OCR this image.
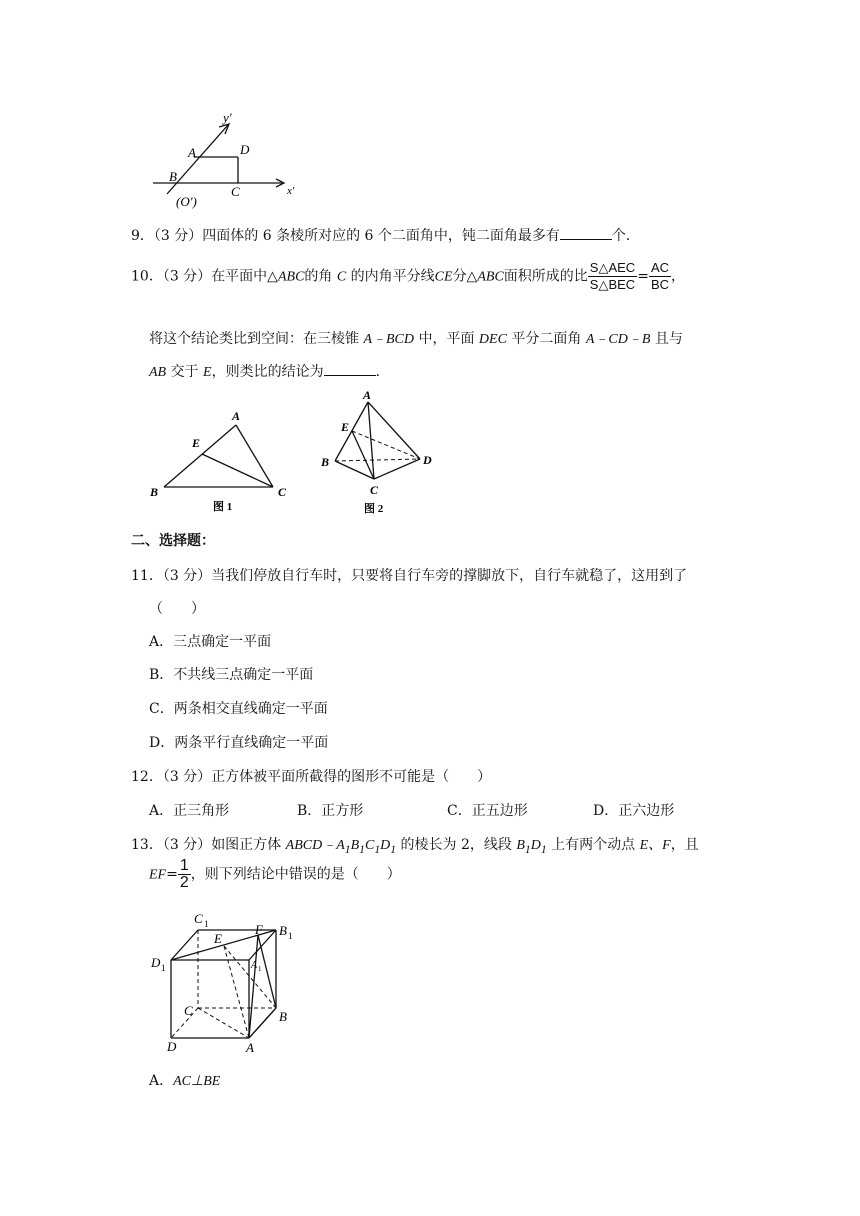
y'
A	D
B
C
(O')
x'
9．（3 分）四面体的 6 条棱所对应的 6 个二面角中，钝二面角最多有	个．
10．（3 分）在平面中△ABC的角 C 的内角平分线CE分△ABC面积所成的比 $\frac{\text{S△AEC}}{\text{S△BEC}} = \frac{AC}{BC}$ ，
将这个结论类比到空间：在三棱锥 A﹣BCD 中，平面 DEC 平分二面角 A﹣CD﹣B 且与
AB 交于 E，则类比的结论为	．
A
E
B	C
图 1
A
E
B	D
C
图 2
二、选择题：
11．（3 分）当我们停放自行车时，只要将自行车旁的撑脚放下，自行车就稳了，这用到了
（　　）
A．三点确定一平面
B．不共线三点确定一平面
C．两条相交直线确定一平面
D．两条平行直线确定一平面
12．（3 分）正方体被平面所截得的图形不可能是（　　）
A．正三角形	B．正方形	C．正五边形	D．正六边形
13．（3 分）如图正方体 $ABCD﹣A_1B_1C_1D_1$ 的棱长为 2，线段 $B_1D_1$ 上有两个动点 E、F，且
$EF= \frac{1}{2}$ ，则下列结论中错误的是（　　）
C 1
E
F B 1
D 1	A 1
C	B
D	A
A．AC⊥BE
